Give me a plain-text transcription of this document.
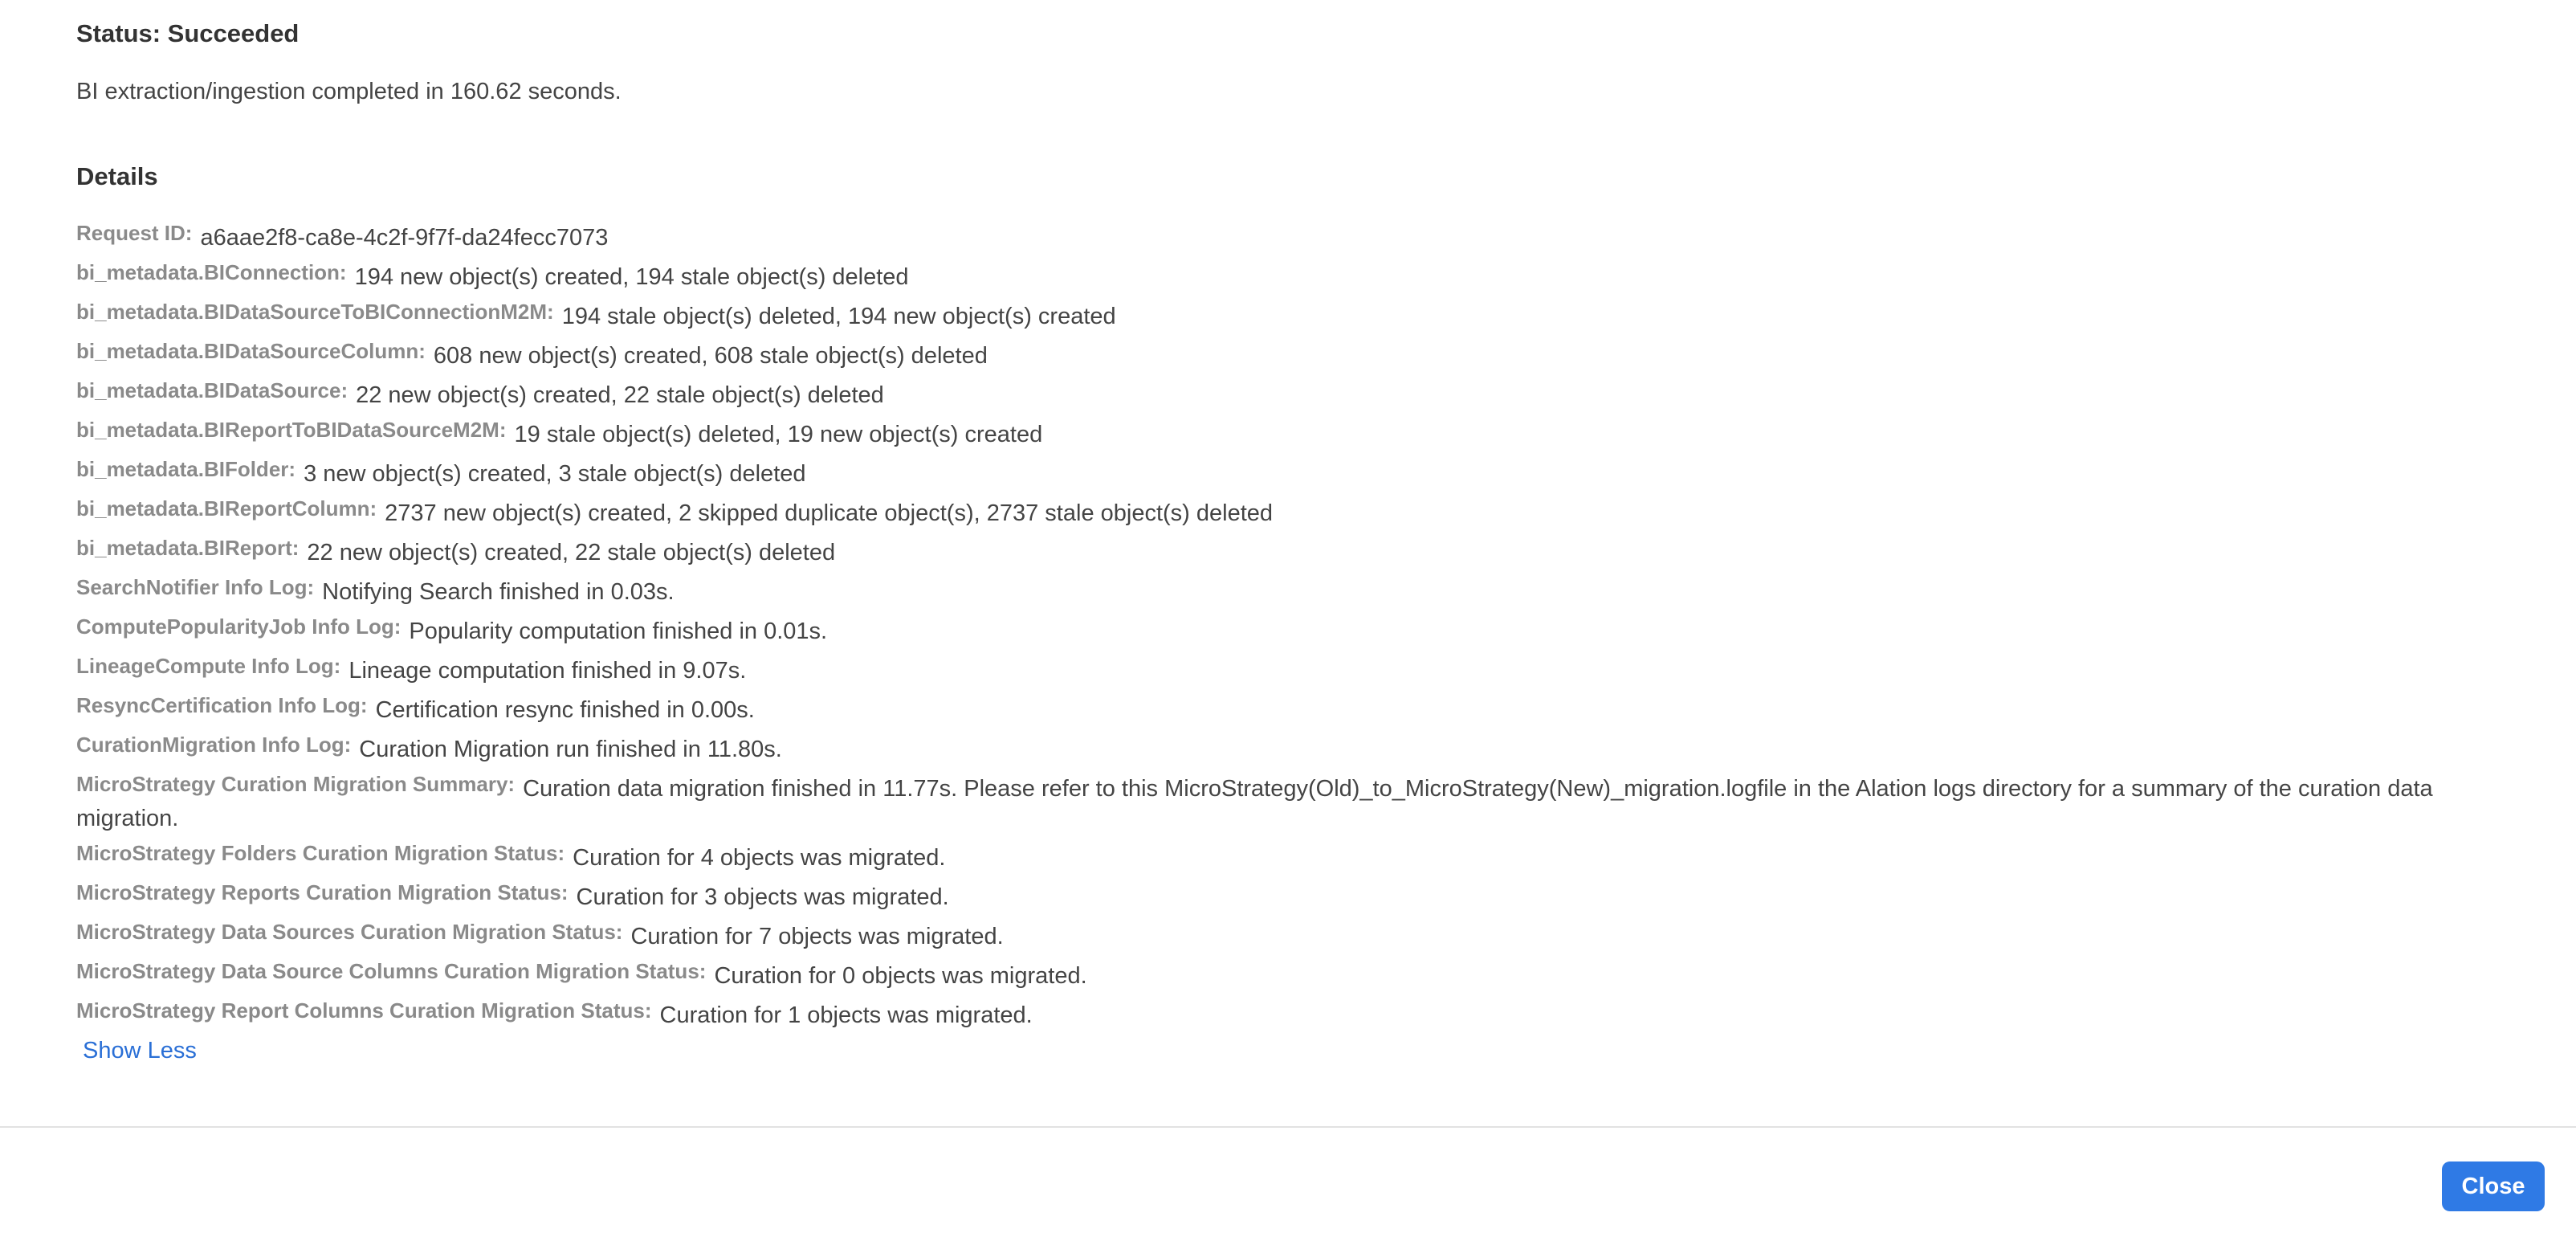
Status: Succeeded
BI extraction/ingestion completed in 160.62 seconds.
Details
Request ID: a6aae2f8-ca8e-4c2f-9f7f-da24fecc7073
bi_metadata.BIConnection: 194 new object(s) created, 194 stale object(s) deleted
bi_metadata.BIDataSourceToBIConnectionM2M: 194 stale object(s) deleted, 194 new object(s) created
bi_metadata.BIDataSourceColumn: 608 new object(s) created, 608 stale object(s) deleted
bi_metadata.BIDataSource: 22 new object(s) created, 22 stale object(s) deleted
bi_metadata.BIReportToBIDataSourceM2M: 19 stale object(s) deleted, 19 new object(s) created
bi_metadata.BIFolder: 3 new object(s) created, 3 stale object(s) deleted
bi_metadata.BIReportColumn: 2737 new object(s) created, 2 skipped duplicate object(s), 2737 stale object(s) deleted
bi_metadata.BIReport: 22 new object(s) created, 22 stale object(s) deleted
SearchNotifier Info Log: Notifying Search finished in 0.03s.
ComputePopularityJob Info Log: Popularity computation finished in 0.01s.
LineageCompute Info Log: Lineage computation finished in 9.07s.
ResyncCertification Info Log: Certification resync finished in 0.00s.
CurationMigration Info Log: Curation Migration run finished in 11.80s.
MicroStrategy Curation Migration Summary: Curation data migration finished in 11.77s. Please refer to this MicroStrategy(Old)_to_MicroStrategy(New)_migration.logfile in the Alation logs directory for a summary of the curation data migration.
MicroStrategy Folders Curation Migration Status: Curation for 4 objects was migrated.
MicroStrategy Reports Curation Migration Status: Curation for 3 objects was migrated.
MicroStrategy Data Sources Curation Migration Status: Curation for 7 objects was migrated.
MicroStrategy Data Source Columns Curation Migration Status: Curation for 0 objects was migrated.
MicroStrategy Report Columns Curation Migration Status: Curation for 1 objects was migrated.
Show Less
Close
